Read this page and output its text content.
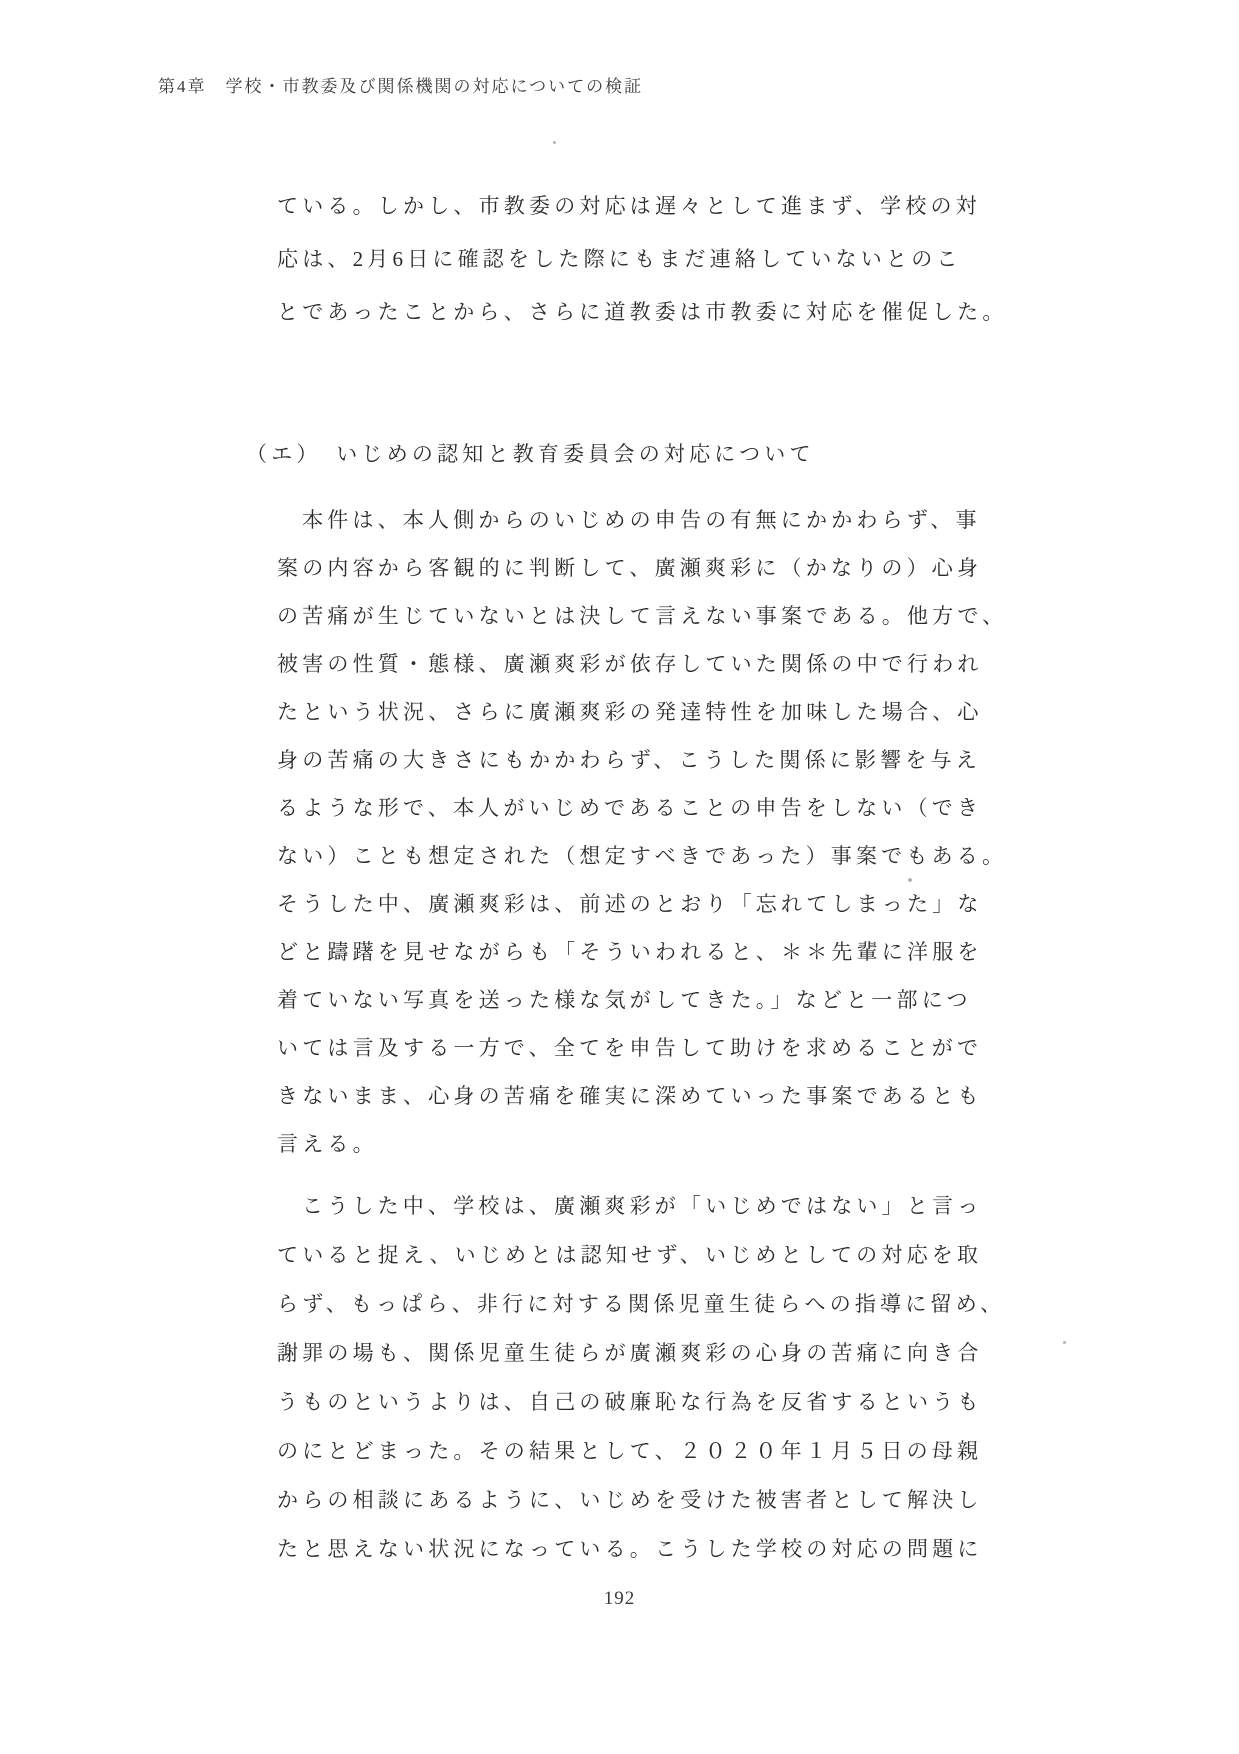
第4章　学校・市教委及び関係機関の対応についての検証
ている。しかし、市教委の対応は遅々として進まず、学校の対
応は、2月6日に確認をした際にもまだ連絡していないとのこ
とであったことから、さらに道教委は市教委に対応を催促した。
（エ）　いじめの認知と教育委員会の対応について
本件は、本人側からのいじめの申告の有無にかかわらず、事
案の内容から客観的に判断して、廣瀬爽彩に（かなりの）心身
の苦痛が生じていないとは決して言えない事案である。他方で、
被害の性質・態様、廣瀬爽彩が依存していた関係の中で行われ
たという状況、さらに廣瀬爽彩の発達特性を加味した場合、心
身の苦痛の大きさにもかかわらず、こうした関係に影響を与え
るような形で、本人がいじめであることの申告をしない（でき
ない）ことも想定された（想定すべきであった）事案でもある。
そうした中、廣瀬爽彩は、前述のとおり「忘れてしまった」な
どと躊躇を見せながらも「そういわれると、＊＊先輩に洋服を
着ていない写真を送った様な気がしてきた。」などと一部につ
いては言及する一方で、全てを申告して助けを求めることがで
きないまま、心身の苦痛を確実に深めていった事案であるとも
言える。
こうした中、学校は、廣瀬爽彩が「いじめではない」と言っ
ていると捉え、いじめとは認知せず、いじめとしての対応を取
らず、もっぱら、非行に対する関係児童生徒らへの指導に留め、
謝罪の場も、関係児童生徒らが廣瀬爽彩の心身の苦痛に向き合
うものというよりは、自己の破廉恥な行為を反省するというも
のにとどまった。その結果として、２０２０年１月５日の母親
からの相談にあるように、いじめを受けた被害者として解決し
たと思えない状況になっている。こうした学校の対応の問題に
192
